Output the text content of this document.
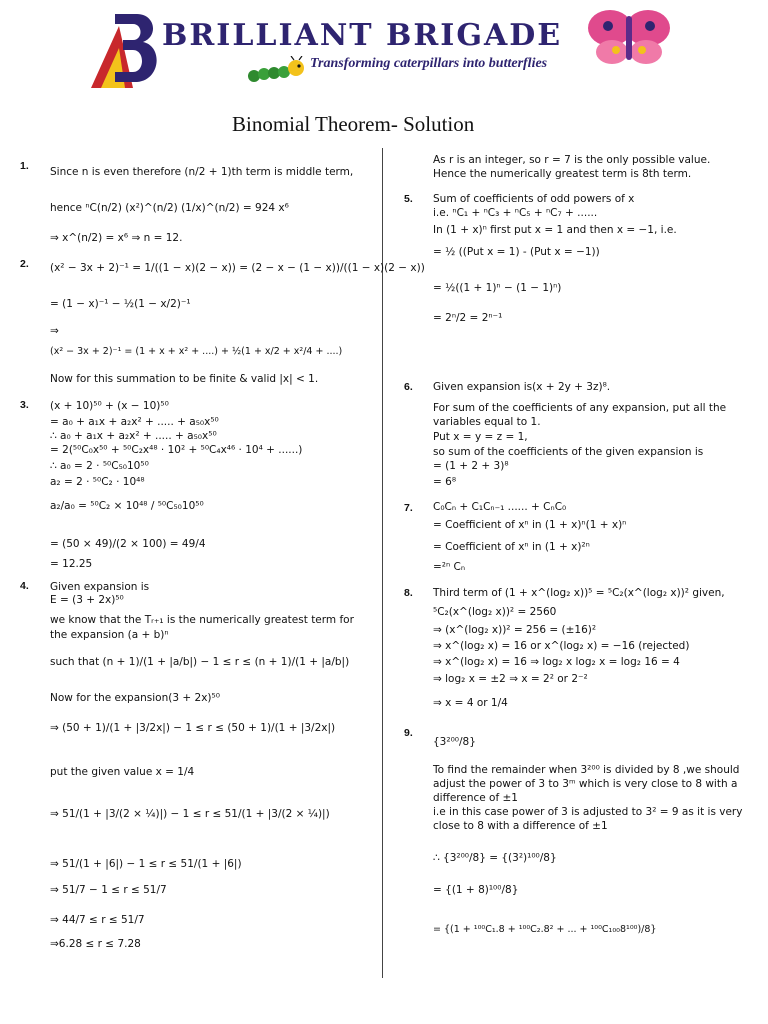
BRILLIANT BRIGADE
Transforming caterpillars into butterflies
Binomial Theorem- Solution
1. Since n is even therefore (n/2 + 1)th term is middle term,
hence ⁿC(n/2) (x²)^(n/2) (1/x)^(n/2) = 924 x⁶
⇒ x^(n/2) = x⁶ ⇒ n = 12.
2. (x² − 3x + 2)⁻¹ = 1/((1 − x)(2 − x)) = (2 − x − (1 − x))/((1 − x)(2 − x))
= (1 − x)⁻¹ − ½(1 − x/2)⁻¹
⇒
(x² − 3x + 2)⁻¹ = (1 + x + x² + ....) + ½(1 + x/2 + x²/4 + ....)
Now for this summation to be finite & valid |x| < 1.
3. (x + 10)⁵⁰ + (x − 10)⁵⁰
= a₀ + a₁x + a₂x² + ..... + a₅₀x⁵⁰
∴ a₀ + a₁x + a₂x² + ..... + a₅₀x⁵⁰
= 2(⁵⁰C₀x⁵⁰ + ⁵⁰C₂x⁴⁸ · 10² + ⁵⁰C₄x⁴⁶ · 10⁴ + ......)
∴ a₀ = 2 · ⁵⁰C₅₀10⁵⁰
a₂ = 2 · ⁵⁰C₂ · 10⁴⁸
a₂/a₀ = ⁵⁰C₂ × 10⁴⁸ / ⁵⁰C₅₀10⁵⁰
= (50 × 49)/(2 × 100) = 49/4
= 12.25
4. Given expansion is
E = (3 + 2x)⁵⁰
we know that the Tᵣ₊₁ is the numerically greatest term for
the expansion (a + b)ⁿ
such that (n + 1)/(1 + |a/b|) − 1 ≤ r ≤ (n + 1)/(1 + |a/b|)
Now for the expansion(3 + 2x)⁵⁰
⇒ (50 + 1)/(1 + |3/2x|) − 1 ≤ r ≤ (50 + 1)/(1 + |3/2x|)
put the given value x = 1/4
⇒ 51/(1 + |3/(2 × ¼)|) − 1 ≤ r ≤ 51/(1 + |3/(2 × ¼)|)
⇒ 51/(1 + |6|) − 1 ≤ r ≤ 51/(1 + |6|)
⇒ 51/7 − 1 ≤ r ≤ 51/7
⇒ 44/7 ≤ r ≤ 51/7
⇒6.28 ≤ r ≤ 7.28
As r is an integer, so r = 7 is the only possible value.
Hence the numerically greatest term is 8th term.
5. Sum of coefficients of odd powers of x
i.e. ⁿC₁ + ⁿC₃ + ⁿC₅ + ⁿC₇ + ......
In (1 + x)ⁿ first put x = 1 and then x = −1, i.e.
= ½ ((Put x = 1) - (Put x = −1))
= ½((1 + 1)ⁿ − (1 − 1)ⁿ)
= 2ⁿ/2 = 2ⁿ⁻¹
6. Given expansion is(x + 2y + 3z)⁸.
For sum of the coefficients of any expansion, put all the
variables equal to 1.
Put x = y = z = 1,
so sum of the coefficients of the given expansion is
= (1 + 2 + 3)⁸
= 6⁸
7. C₀Cₙ + C₁Cₙ₋₁ ...... + CₙC₀
= Coefficient of xⁿ in (1 + x)ⁿ(1 + x)ⁿ
= Coefficient of xⁿ in (1 + x)²ⁿ
=²ⁿ Cₙ
8. Third term of (1 + x^(log₂ x))⁵ = ⁵C₂(x^(log₂ x))² given,
⁵C₂(x^(log₂ x))² = 2560
⇒ (x^(log₂ x))² = 256 = (±16)²
⇒ x^(log₂ x) = 16 or x^(log₂ x) = −16 (rejected)
⇒ x^(log₂ x) = 16 ⇒ log₂ x log₂ x = log₂ 16 = 4
⇒ log₂ x = ±2 ⇒ x = 2² or 2⁻²
⇒ x = 4 or 1/4
9.
{3²⁰⁰/8}
To find the remainder when 3²⁰⁰ is divided by 8 ,we should
adjust the power of 3 to 3ᵐ which is very close to 8 with a
difference of ±1
i.e in this case power of 3 is adjusted to 3² = 9 as it is very
close to 8 with a difference of ±1
∴ {3²⁰⁰/8} = {(3²)¹⁰⁰/8}
= {(1 + 8)¹⁰⁰/8}
= {(1 + ¹⁰⁰C₁.8 + ¹⁰⁰C₂.8² + ... + ¹⁰⁰C₁₀₀8¹⁰⁰)/8}
